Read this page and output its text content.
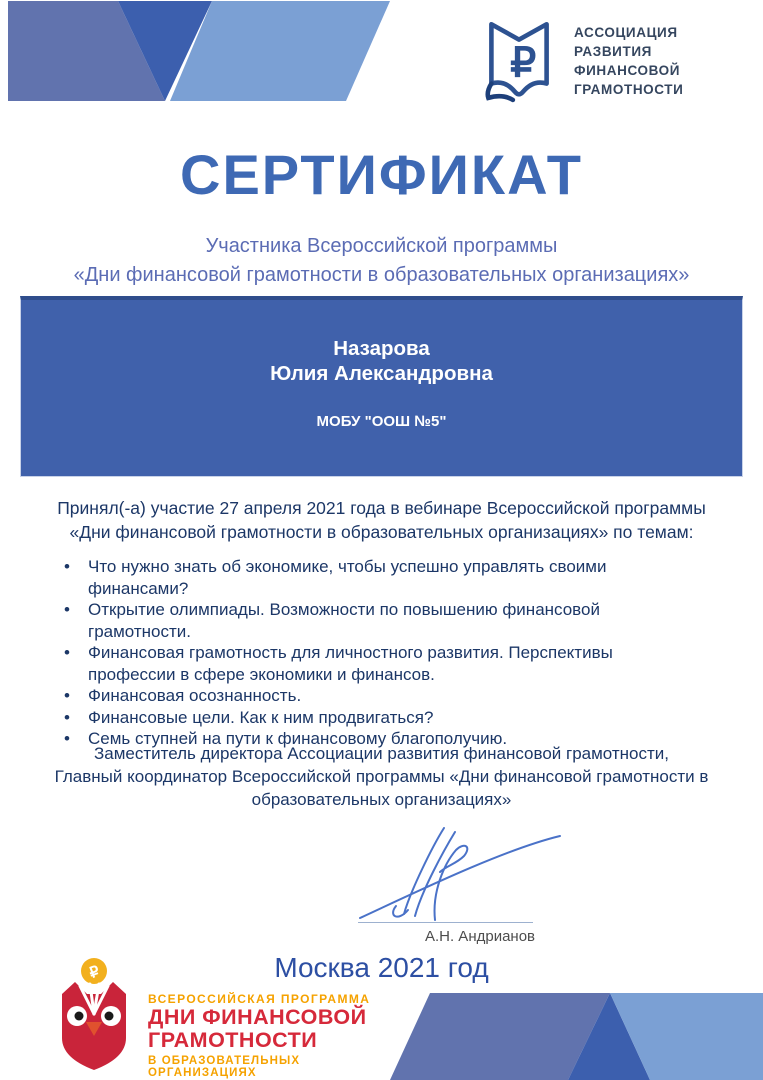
₽
АССОЦИАЦИЯ
РАЗВИТИЯ
ФИНАНСОВОЙ
ГРАМОТНОСТИ
СЕРТИФИКАТ
Участника Всероссийской программы
«Дни финансовой грамотности в образовательных организациях»
Назарова
Юлия Александровна
МОБУ "ООШ №5"
Принял(-а) участие 27 апреля 2021 года в вебинаре Всероссийской программы
«Дни финансовой грамотности в образовательных организациях» по темам:
• Что нужно знать об экономике, чтобы успешно управлять своими финансами?
• Открытие олимпиады. Возможности по повышению финансовой грамотности.
• Финансовая грамотность для личностного развития. Перспективы профессии в сфере экономики и финансов.
• Финансовая осознанность.
• Финансовые цели. Как к ним продвигаться?
• Семь ступней на пути к финансовому благополучию.
Заместитель директора Ассоциации развития финансовой грамотности,
Главный координатор Всероссийской программы «Дни финансовой грамотности в
образовательных организациях»
А.Н. Андрианов
Москва 2021 год
₽
ВСЕРОССИЙСКАЯ ПРОГРАММА
ДНИ ФИНАНСОВОЙ
ГРАМОТНОСТИ
В ОБРАЗОВАТЕЛЬНЫХ ОРГАНИЗАЦИЯХ
